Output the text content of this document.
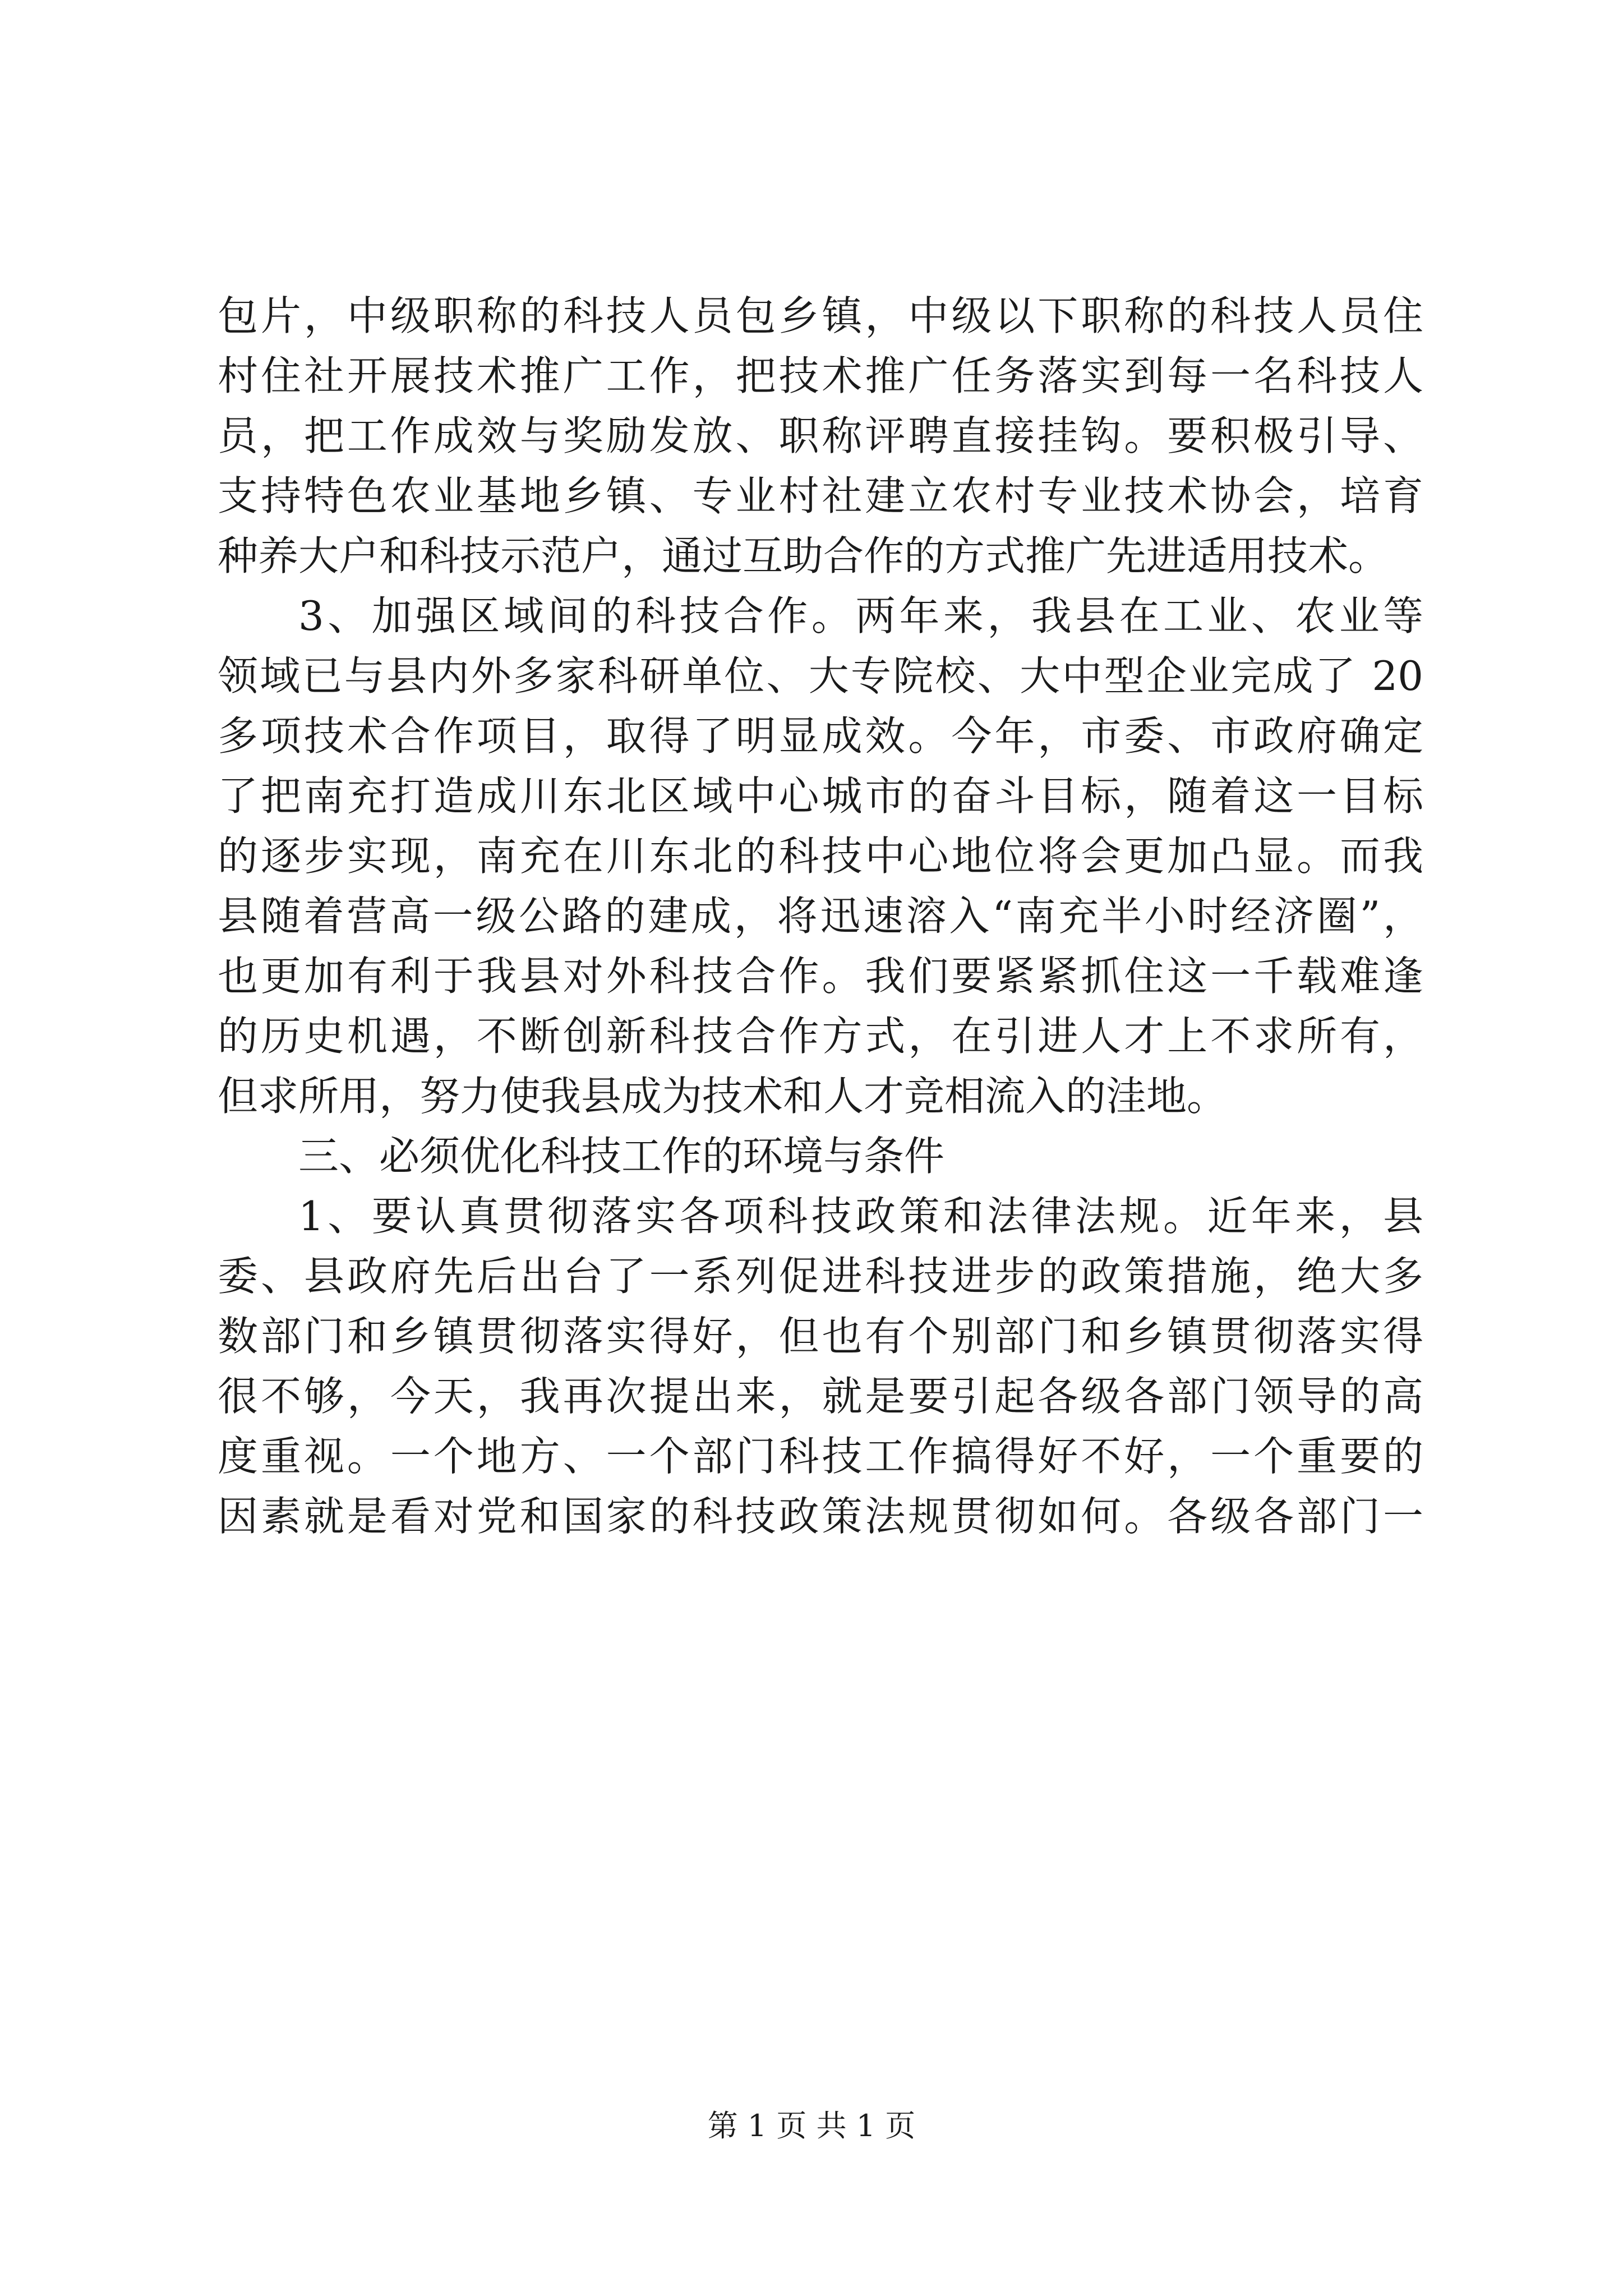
包片，中级职称的科技人员包乡镇，中级以下职称的科技人员住
村住社开展技术推广工作，把技术推广任务落实到每一名科技人
员，把工作成效与奖励发放、职称评聘直接挂钩。要积极引导、
支持特色农业基地乡镇、专业村社建立农村专业技术协会，培育
种养大户和科技示范户，通过互助合作的方式推广先进适用技术。
3、加强区域间的科技合作。两年来，我县在工业、农业等
领域已与县内外多家科研单位、大专院校、大中型企业完成了 20
多项技术合作项目，取得了明显成效。今年，市委、市政府确定
了把南充打造成川东北区域中心城市的奋斗目标，随着这一目标
的逐步实现，南充在川东北的科技中心地位将会更加凸显。而我
县随着营高一级公路的建成，将迅速溶入“南充半小时经济圈”，
也更加有利于我县对外科技合作。我们要紧紧抓住这一千载难逢
的历史机遇，不断创新科技合作方式，在引进人才上不求所有，
但求所用，努力使我县成为技术和人才竞相流入的洼地。
三、必须优化科技工作的环境与条件
1、要认真贯彻落实各项科技政策和法律法规。近年来，县
委、县政府先后出台了一系列促进科技进步的政策措施，绝大多
数部门和乡镇贯彻落实得好，但也有个别部门和乡镇贯彻落实得
很不够，今天，我再次提出来，就是要引起各级各部门领导的高
度重视。一个地方、一个部门科技工作搞得好不好，一个重要的
因素就是看对党和国家的科技政策法规贯彻如何。各级各部门一
第 1 页 共 1 页
